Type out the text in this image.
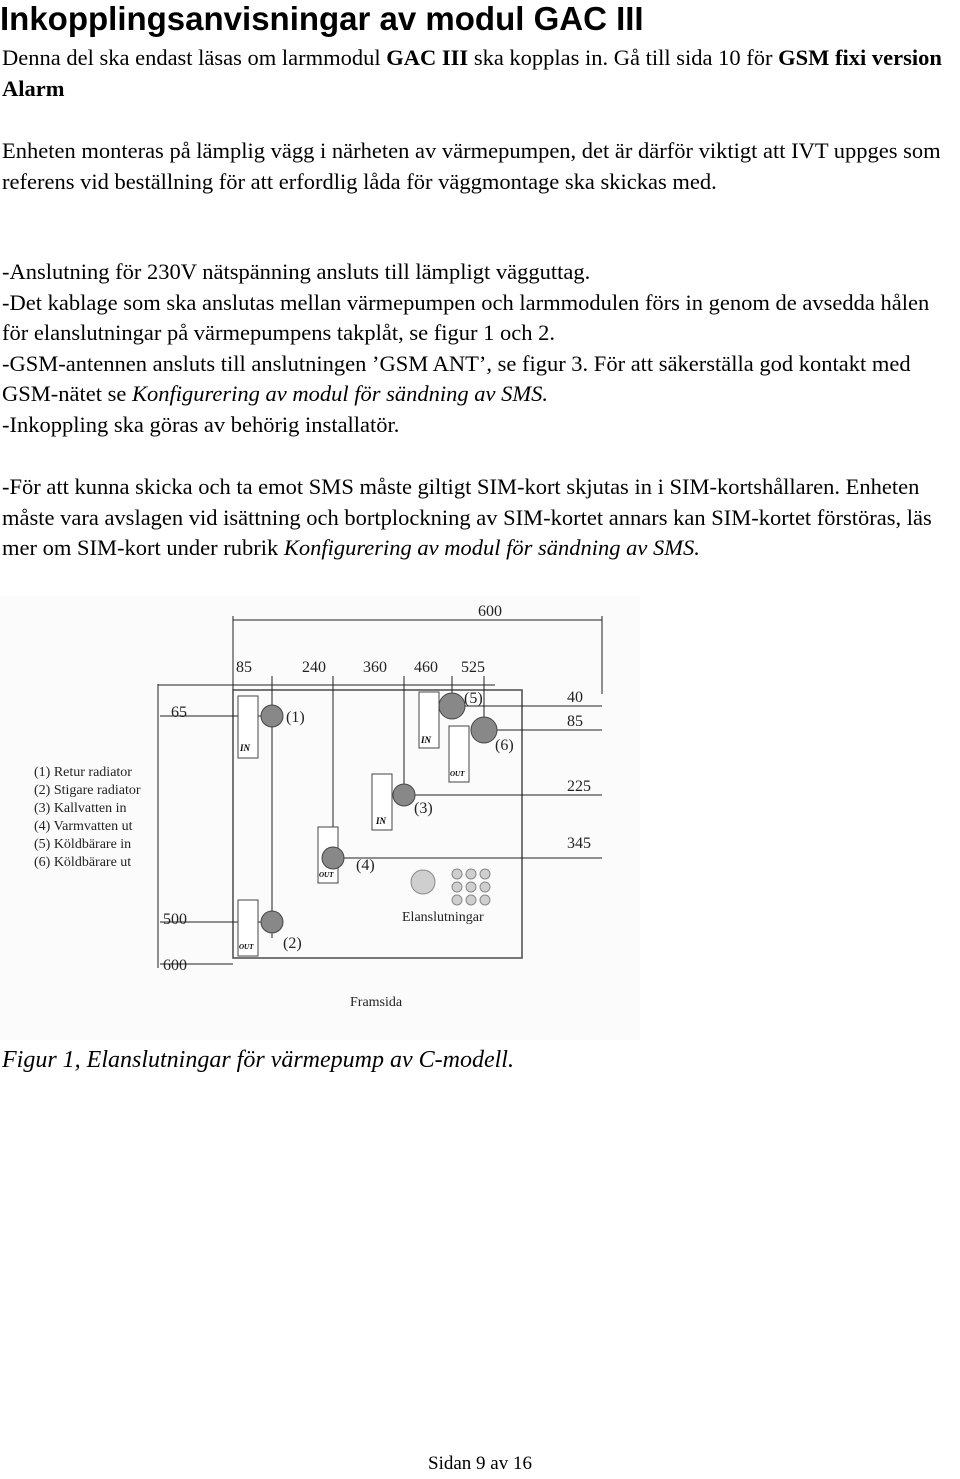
Inkopplingsanvisningar av modul GAC III
Denna del ska endast läsas om larmmodul GAC III ska kopplas in. Gå till sida 10 för GSM fixi version Alarm
Enheten monteras på lämplig vägg i närheten av värmepumpen, det är därför viktigt att IVT uppges som referens vid beställning för att erfordlig låda för väggmontage ska skickas med.
-Anslutning för 230V nätspänning ansluts till lämpligt vägguttag.
-Det kablage som ska anslutas mellan värmepumpen och larmmodulen förs in genom de avsedda hålen för elanslutningar på värmepumpens takplåt, se figur 1 och 2.
-GSM-antennen ansluts till anslutningen ’GSM ANT’, se figur 3. För att säkerställa god kontakt med GSM-nätet se Konfigurering av modul för sändning av SMS.
-Inkoppling ska göras av behörig installatör.
-För att kunna skicka och ta emot SMS måste giltigt SIM-kort skjutas in i SIM-kortshållaren. Enheten måste vara avslagen vid isättning och bortplockning av SIM-kortet annars kan SIM-kortet förstöras, läs mer om SIM-kort under rubrik Konfigurering av modul för sändning av SMS.
600
85	240 360 460 525
40
85
225
345
65
500
600
IN
OUT
IN
OUT
IN
OUT
(1)
(2)
(3)
(4)
(5)
(6)
Elanslutningar
(1) Retur radiator
(2) Stigare radiator
(3) Kallvatten in
(4) Varmvatten ut
(5) Köldbärare in
(6) Köldbärare ut
Framsida
Figur 1, Elanslutningar för värmepump av C-modell.
Sidan 9 av 16
